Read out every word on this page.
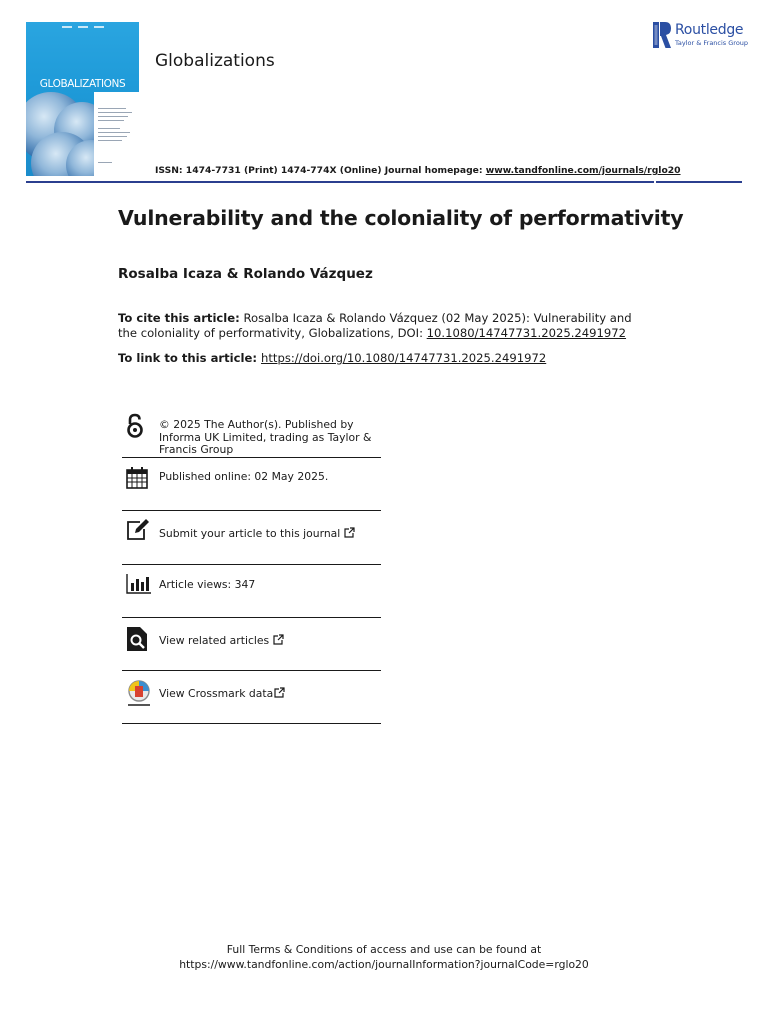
GLOBALIZATIONS
Globalizations
Routledge
Taylor & Francis Group
ISSN: 1474-7731 (Print) 1474-774X (Online) Journal homepage: www.tandfonline.com/journals/rglo20
Vulnerability and the coloniality of performativity
Rosalba Icaza & Rolando Vázquez
To cite this article: Rosalba Icaza & Rolando Vázquez (02 May 2025): Vulnerability and the coloniality of performativity, Globalizations, DOI: 10.1080/14747731.2025.2491972
To link to this article: https://doi.org/10.1080/14747731.2025.2491972
© 2025 The Author(s). Published by Informa UK Limited, trading as Taylor & Francis Group
Published online: 02 May 2025.
Submit your article to this journal
Article views: 347
View related articles
View Crossmark data
Full Terms & Conditions of access and use can be found at
https://www.tandfonline.com/action/journalInformation?journalCode=rglo20
